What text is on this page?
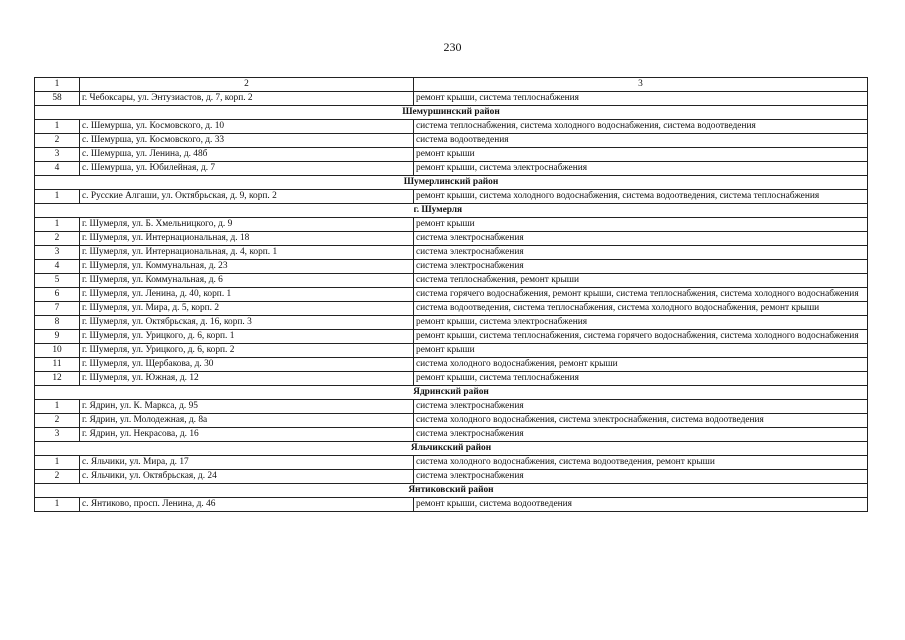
230
1	2	3
58	г. Чебоксары, ул. Энтузиастов, д. 7, корп. 2	ремонт крыши, система теплоснабжения
Шемуршинский район		
1	с. Шемурша, ул. Космовского, д. 10	система теплоснабжения, система холодного водоснабжения, система водоотведения
2	с. Шемурша, ул. Космовского, д. 33	система водоотведения
3	с. Шемурша, ул. Ленина, д. 48б	ремонт крыши
4	с. Шемурша, ул. Юбилейная, д. 7	ремонт крыши, система электроснабжения
Шумерлинский район		
1	с. Русские Алгаши, ул. Октябрьская, д. 9, корп. 2	ремонт крыши, система холодного водоснабжения, система водоотведения, система теплоснабжения
		г. Шумерля
1	г. Шумерля, ул. Б. Хмельницкого, д. 9	ремонт крыши
2	г. Шумерля, ул. Интернациональная, д. 18	система электроснабжения
3	г. Шумерля, ул. Интернациональная, д. 4, корп. 1	система электроснабжения
4	г. Шумерля, ул. Коммунальная, д. 23	система электроснабжения
5	г. Шумерля, ул. Коммунальная, д. 6	система теплоснабжения, ремонт крыши
6	г. Шумерля, ул. Ленина, д. 40, корп. 1	система горячего водоснабжения, ремонт крыши, система теплоснабжения, система холодного водоснабжения
7	г. Шумерля, ул. Мира, д. 5, корп. 2	система водоотведения, система теплоснабжения, система холодного водоснабжения, ремонт крыши
8	г. Шумерля, ул. Октябрьская, д. 16, корп. 3	ремонт крыши, система электроснабжения
9	г. Шумерля, ул. Урицкого, д. 6, корп. 1	ремонт крыши, система теплоснабжения, система горячего водоснабжения, система холодного водоснабжения
10	г. Шумерля, ул. Урицкого, д. 6, корп. 2	ремонт крыши
11	г. Шумерля, ул. Щербакова, д. 30	система холодного водоснабжения, ремонт крыши
12	г. Шумерля, ул. Южная, д. 12	ремонт крыши, система теплоснабжения
Ядринский район		
1	г. Ядрин, ул. К. Маркса, д. 95	система электроснабжения
2	г. Ядрин, ул. Молодежная, д. 8а	система холодного водоснабжения, система электроснабжения, система водоотведения
3	г. Ядрин, ул. Некрасова, д. 16	система электроснабжения
Яльчикский район		
1	с. Яльчики, ул. Мира, д. 17	система холодного водоснабжения, система водоотведения, ремонт крыши
2	с. Яльчики, ул. Октябрьская, д. 24	система электроснабжения
Янтиковский район		
1	с. Янтиково, просп. Ленина, д. 46	ремонт крыши, система водоотведения
